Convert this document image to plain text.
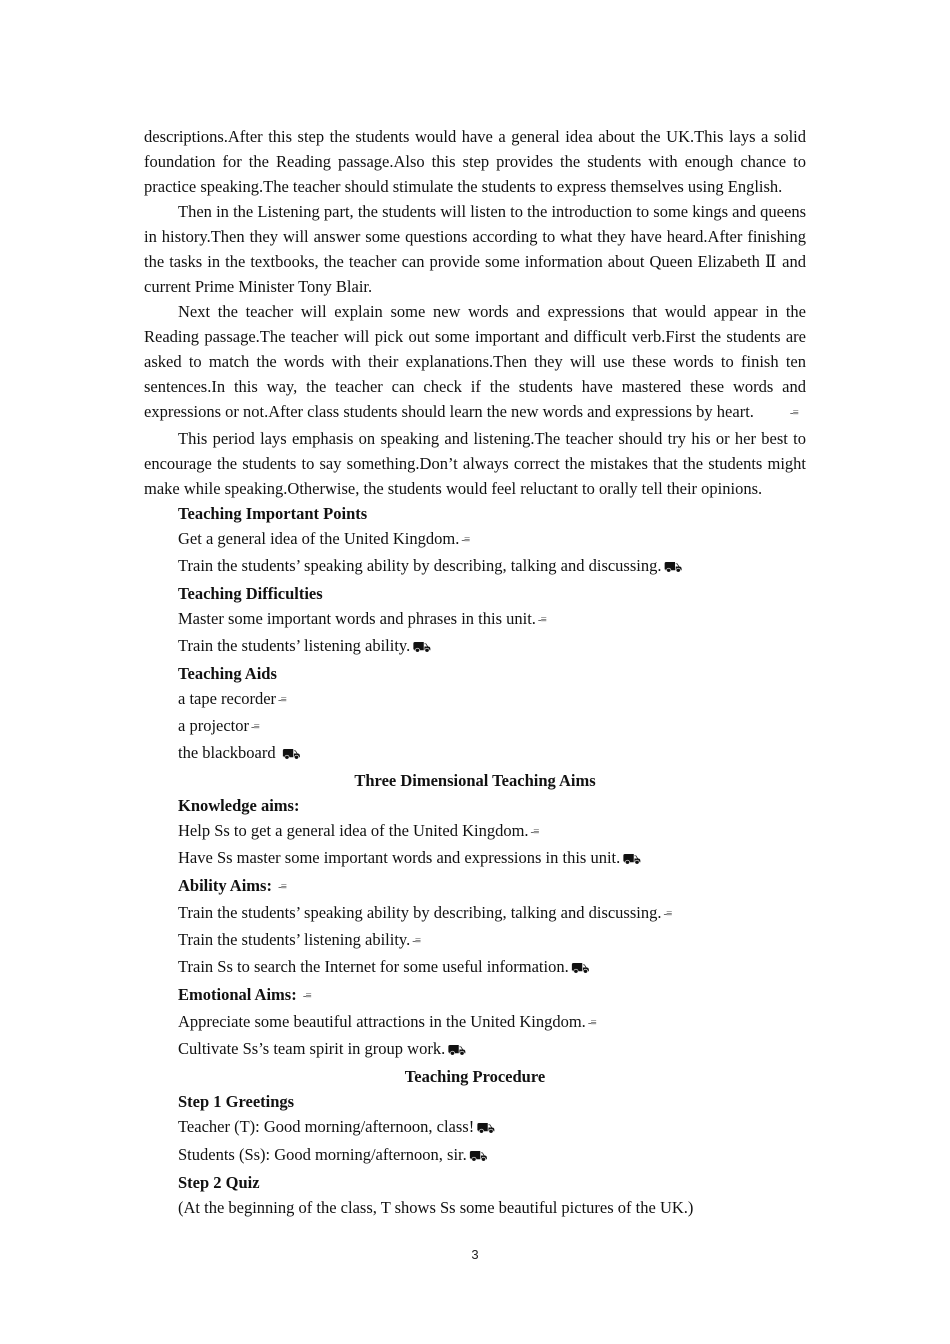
descriptions.After this step the students would have a general idea about the UK.This lays a solid foundation for the Reading passage.Also this step provides the students with enough chance to practice speaking.The teacher should stimulate the students to express themselves using English.

Then in the Listening part, the students will listen to the introduction to some kings and queens in history.Then they will answer some questions according to what they have heard.After finishing the tasks in the textbooks, the teacher can provide some information about Queen Elizabeth Ⅱ and current Prime Minister Tony Blair.

Next the teacher will explain some new words and expressions that would appear in the Reading passage.The teacher will pick out some important and difficult verb.First the students are asked to match the words with their explanations.Then they will use these words to finish ten sentences.In this way, the teacher can check if the students have mastered these words and expressions or not.After class students should learn the new words and expressions by heart.	-≡

This period lays emphasis on speaking and listening.The teacher should try his or her best to encourage the students to say something.Don’t always correct the mistakes that the students might make while speaking.Otherwise, the students would feel reluctant to orally tell their opinions.

Teaching Important Points

Get a general idea of the United Kingdom. -≡

Train the students’ speaking ability by describing, talking and discussing. ⛟

Teaching Difficulties

Master some important words and phrases in this unit. -≡

Train the students’ listening ability. ⛟

Teaching Aids

a tape recorder -≡

a projector -≡

the blackboard ⛟

Three Dimensional Teaching Aims

Knowledge aims:

Help Ss to get a general idea of the United Kingdom. -≡

Have Ss master some important words and expressions in this unit. ⛟

Ability Aims: -≡

Train the students’ speaking ability by describing, talking and discussing. -≡

Train the students’ listening ability. -≡

Train Ss to search the Internet for some useful information. ⛟

Emotional Aims: -≡

Appreciate some beautiful attractions in the United Kingdom. -≡

Cultivate Ss’s team spirit in group work. ⛟

Teaching Procedure

Step 1 Greetings

Teacher (T): Good morning/afternoon, class! ⛟

Students (Ss): Good morning/afternoon, sir. ⛟

Step 2 Quiz

(At the beginning of the class, T shows Ss some beautiful pictures of the UK.)

3
